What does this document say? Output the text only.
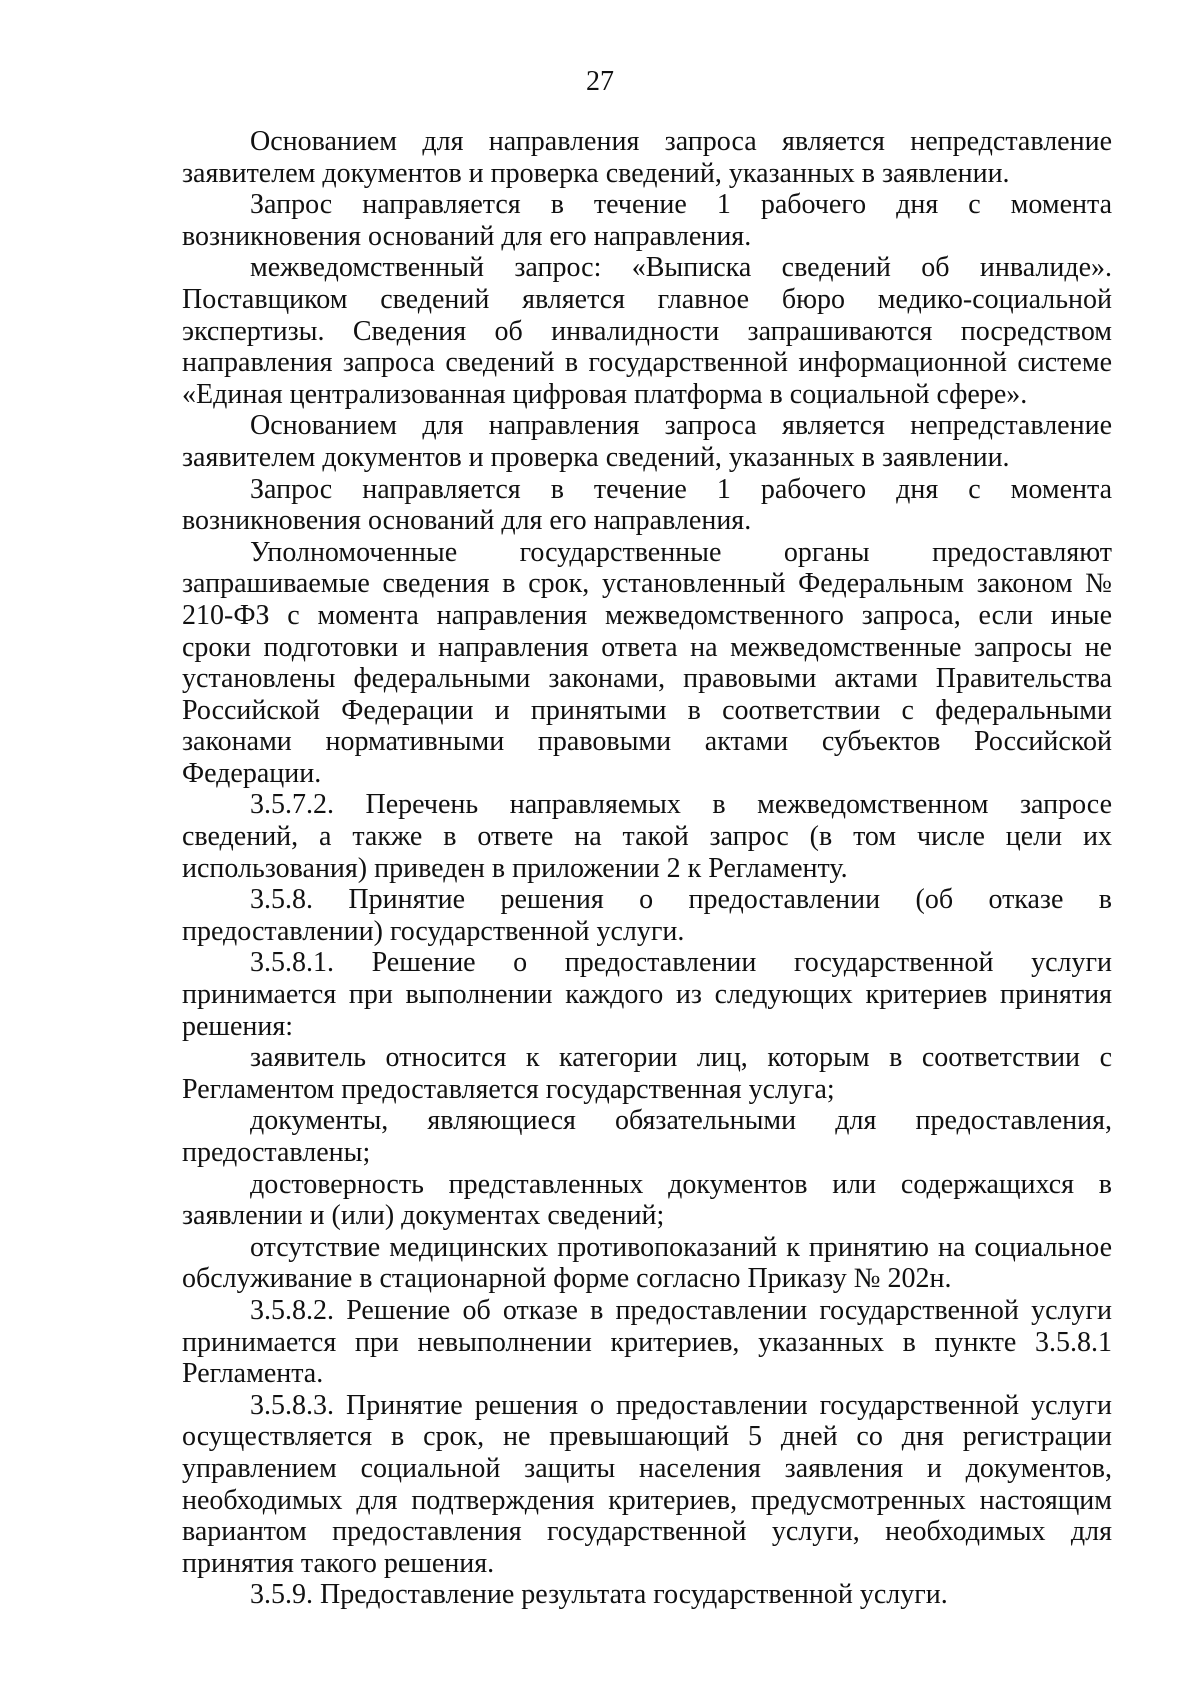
27

Основанием для направления запроса является непредставление заявителем документов и проверка сведений, указанных в заявлении.

Запрос направляется в течение 1 рабочего дня с момента возникновения оснований для его направления.

межведомственный запрос: «Выписка сведений об инвалиде». Поставщиком сведений является главное бюро медико-социальной экспертизы. Сведения об инвалидности запрашиваются посредством направления запроса сведений в государственной информационной системе «Единая централизованная цифровая платформа в социальной сфере».

Основанием для направления запроса является непредставление заявителем документов и проверка сведений, указанных в заявлении.

Запрос направляется в течение 1 рабочего дня с момента возникновения оснований для его направления.

Уполномоченные государственные органы предоставляют запрашиваемые сведения в срок, установленный Федеральным законом № 210-ФЗ с момента направления межведомственного запроса, если иные сроки подготовки и направления ответа на межведомственные запросы не установлены федеральными законами, правовыми актами Правительства Российской Федерации и принятыми в соответствии с федеральными законами нормативными правовыми актами субъектов Российской Федерации.

3.5.7.2. Перечень направляемых в межведомственном запросе сведений, а также в ответе на такой запрос (в том числе цели их использования) приведен в приложении 2 к Регламенту.

3.5.8. Принятие решения о предоставлении (об отказе в предоставлении) государственной услуги.

3.5.8.1. Решение о предоставлении государственной услуги принимается при выполнении каждого из следующих критериев принятия решения:

заявитель относится к категории лиц, которым в соответствии с Регламентом предоставляется государственная услуга;

документы, являющиеся обязательными для предоставления, предоставлены;

достоверность представленных документов или содержащихся в заявлении и (или) документах сведений;

отсутствие медицинских противопоказаний к принятию на социальное обслуживание в стационарной форме согласно Приказу № 202н.

3.5.8.2. Решение об отказе в предоставлении государственной услуги принимается при невыполнении критериев, указанных в пункте 3.5.8.1 Регламента.

3.5.8.3. Принятие решения о предоставлении государственной услуги осуществляется в срок, не превышающий 5 дней со дня регистрации управлением социальной защиты населения заявления и документов, необходимых для подтверждения критериев, предусмотренных настоящим вариантом предоставления государственной услуги, необходимых для принятия такого решения.

3.5.9. Предоставление результата государственной услуги.
